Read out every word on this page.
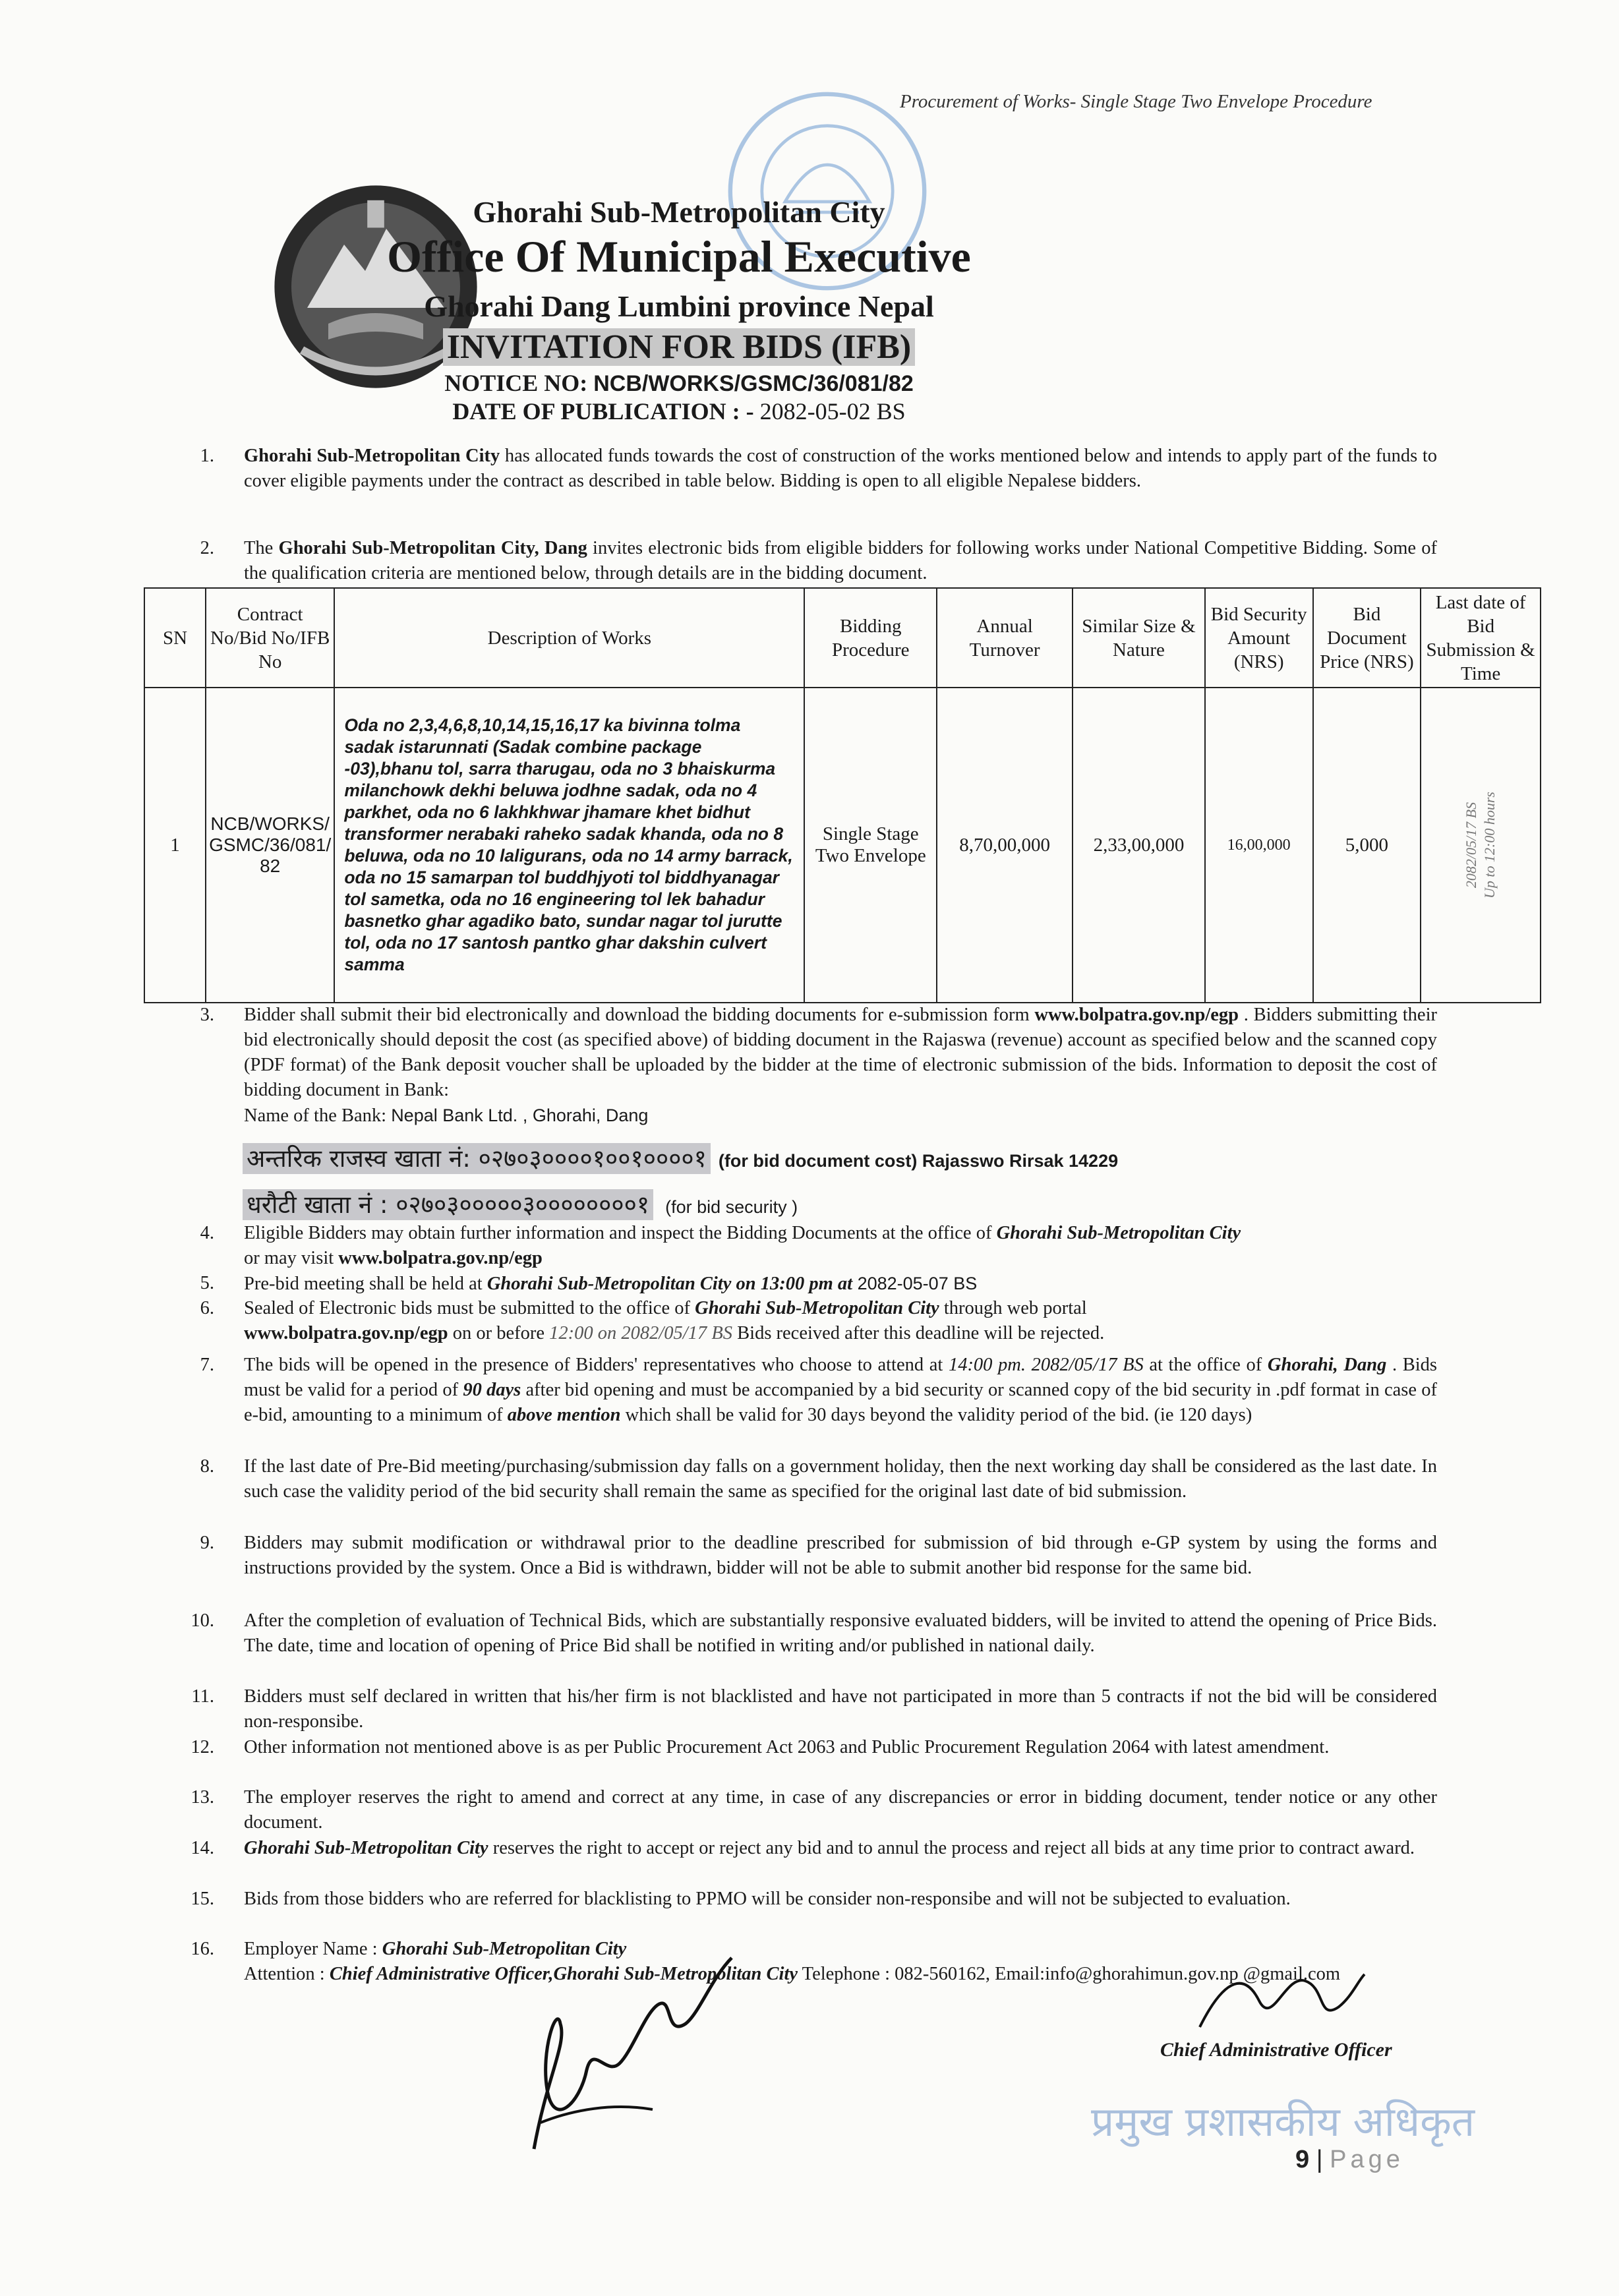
Procurement of Works- Single Stage Two Envelope Procedure
Ghorahi Sub-Metropolitan City
Office Of Municipal Executive
Ghorahi Dang Lumbini province Nepal
INVITATION FOR BIDS (IFB)
NOTICE NO: NCB/WORKS/GSMC/36/081/82
DATE OF PUBLICATION : - 2082-05-02 BS
1. Ghorahi Sub-Metropolitan City has allocated funds towards the cost of construction of the works mentioned below and intends to apply part of the funds to cover eligible payments under the contract as described in table below. Bidding is open to all eligible Nepalese bidders.
2. The Ghorahi Sub-Metropolitan City, Dang invites electronic bids from eligible bidders for following works under National Competitive Bidding. Some of the qualification criteria are mentioned below, through details are in the bidding document.
SN	Contract No/Bid No/IFB No	Description of Works	Bidding Procedure	Annual Turnover	Similar Size & Nature	Bid Security Amount (NRS)	Bid Document Price (NRS)	Last date of Bid Submission & Time
1	NCB/WORKS/GSMC/36/081/82	Oda no 2,3,4,6,8,10,14,15,16,17 ka bivinna tolma sadak istarunnati (Sadak combine package -03),bhanu tol, sarra tharugau, oda no 3 bhaiskurma milanchowk dekhi beluwa jodhne sadak, oda no 4 parkhet, oda no 6 lakhkhwar jhamare khet bidhut transformer nerabaki raheko sadak khanda, oda no 8 beluwa, oda no 10 laligurans, oda no 14 army barrack, oda no 15 samarpan tol buddhjyoti tol biddhyanagar tol sametka, oda no 16 engineering tol lek bahadur basnetko ghar agadiko bato, sundar nagar tol jurutte tol, oda no 17 santosh pantko ghar dakshin culvert samma	Single Stage Two Envelope	8,70,00,000	2,33,00,000	16,00,000	5,000	2082/05/17 BS Up to 12:00 hours
3. Bidder shall submit their bid electronically and download the bidding documents for e-submission form www.bolpatra.gov.np/egp . Bidders submitting their bid electronically should deposit the cost (as specified above) of bidding document in the Rajaswa (revenue) account as specified below and the scanned copy (PDF format) of the Bank deposit voucher shall be uploaded by the bidder at the time of electronic submission of the bids. Information to deposit the cost of bidding document in Bank:
Name of the Bank: Nepal Bank Ltd. , Ghorahi, Dang
अन्तरिक राजस्व खाता नं: ०२७०३००००१००१००००१ (for bid document cost) Rajasswo Rirsak 14229
धरौटी खाता नं : ०२७०३०००००३००००००००१ (for bid security )
4. Eligible Bidders may obtain further information and inspect the Bidding Documents at the office of Ghorahi Sub-Metropolitan City
or may visit www.bolpatra.gov.np/egp
5. Pre-bid meeting shall be held at Ghorahi Sub-Metropolitan City on 13:00 pm at 2082-05-07 BS
6. Sealed of Electronic bids must be submitted to the office of Ghorahi Sub-Metropolitan City through web portal
www.bolpatra.gov.np/egp on or before 12:00 on 2082/05/17 BS Bids received after this deadline will be rejected.
7. The bids will be opened in the presence of Bidders' representatives who choose to attend at 14:00 pm. 2082/05/17 BS at the office of Ghorahi, Dang . Bids must be valid for a period of 90 days after bid opening and must be accompanied by a bid security or scanned copy of the bid security in .pdf format in case of e-bid, amounting to a minimum of above mention which shall be valid for 30 days beyond the validity period of the bid. (ie 120 days)
8. If the last date of Pre-Bid meeting/purchasing/submission day falls on a government holiday, then the next working day shall be considered as the last date. In such case the validity period of the bid security shall remain the same as specified for the original last date of bid submission.
9. Bidders may submit modification or withdrawal prior to the deadline prescribed for submission of bid through e-GP system by using the forms and instructions provided by the system. Once a Bid is withdrawn, bidder will not be able to submit another bid response for the same bid.
10. After the completion of evaluation of Technical Bids, which are substantially responsive evaluated bidders, will be invited to attend the opening of Price Bids. The date, time and location of opening of Price Bid shall be notified in writing and/or published in national daily.
11. Bidders must self declared in written that his/her firm is not blacklisted and have not participated in more than 5 contracts if not the bid will be considered non-responsibe.
12. Other information not mentioned above is as per Public Procurement Act 2063 and Public Procurement Regulation 2064 with latest amendment.
13. The employer reserves the right to amend and correct at any time, in case of any discrepancies or error in bidding document, tender notice or any other document.
14. Ghorahi Sub-Metropolitan City reserves the right to accept or reject any bid and to annul the process and reject all bids at any time prior to contract award.
15. Bids from those bidders who are referred for blacklisting to PPMO will be consider non-responsibe and will not be subjected to evaluation.
16. Employer Name : Ghorahi Sub-Metropolitan City
Attention : Chief Administrative Officer,Ghorahi Sub-Metropolitan City Telephone : 082-560162, Email:info@ghorahimun.gov.np @gmail.com
Chief Administrative Officer
प्रमुख प्रशासकीय अधिकृत
9 | Page
